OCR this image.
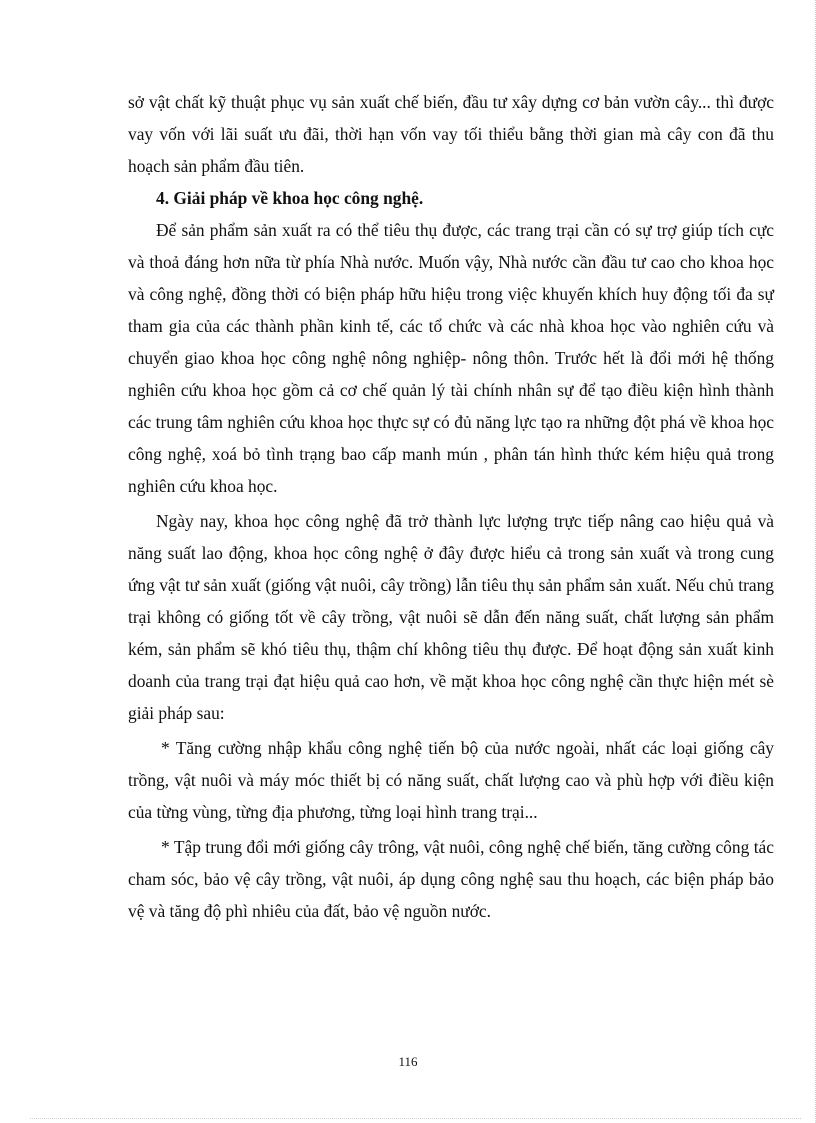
sở vật chất kỹ thuật phục vụ sản xuất chế biến, đầu tư xây dựng cơ bản vườn cây... thì được vay vốn với lãi suất ưu đãi, thời hạn vốn vay tối thiểu bằng thời gian mà cây con đã thu hoạch sản phẩm đầu tiên.

4. Giải pháp về khoa học công nghệ.

Để sản phẩm sản xuất ra có thể tiêu thụ được, các trang trại cần có sự trợ giúp tích cực và thoả đáng hơn nữa từ phía Nhà nước. Muốn vậy, Nhà nước cần đầu tư cao cho khoa học và công nghệ, đồng thời có biện pháp hữu hiệu trong việc khuyến khích huy động tối đa sự tham gia của các thành phần kinh tế, các tổ chức và các nhà khoa học vào nghiên cứu và chuyển giao khoa học công nghệ nông nghiệp- nông thôn. Trước hết là đổi mới hệ thống nghiên cứu khoa học gồm cả cơ chế quản lý tài chính nhân sự để tạo điều kiện hình thành các trung tâm nghiên cứu khoa học thực sự có đủ năng lực tạo ra những đột phá về khoa học công nghệ, xoá bỏ tình trạng bao cấp manh mún , phân tán hình thức kém hiệu quả trong nghiên cứu khoa học.

Ngày nay, khoa học công nghệ đã trở thành lực lượng trực tiếp nâng cao hiệu quả và năng suất lao động, khoa học công nghệ ở đây được hiểu cả trong sản xuất và trong cung ứng vật tư sản xuất (giống vật nuôi, cây trồng) lẫn tiêu thụ sản phẩm sản xuất. Nếu chủ trang trại không có giống tốt về cây trồng, vật nuôi sẽ dẫn đến năng suất, chất lượng sản phẩm kém, sản phẩm sẽ khó tiêu thụ, thậm chí không tiêu thụ được. Để hoạt động sản xuất kinh doanh của trang trại đạt hiệu quả cao hơn, về mặt khoa học công nghệ cần thực hiện mét sè giải pháp sau:

* Tăng cường nhập khẩu công nghệ tiến bộ của nước ngoài, nhất các loại giống cây trồng, vật nuôi và máy móc thiết bị có năng suất, chất lượng cao và phù hợp với điều kiện của từng vùng, từng địa phương, từng loại hình trang trại...

* Tập trung đổi mới giống cây trông, vật nuôi, công nghệ chế biến, tăng cường công tác cham sóc, bảo vệ cây trồng, vật nuôi, áp dụng công nghệ sau thu hoạch, các biện pháp bảo vệ và tăng độ phì nhiêu của đất, bảo vệ nguồn nước.

116
